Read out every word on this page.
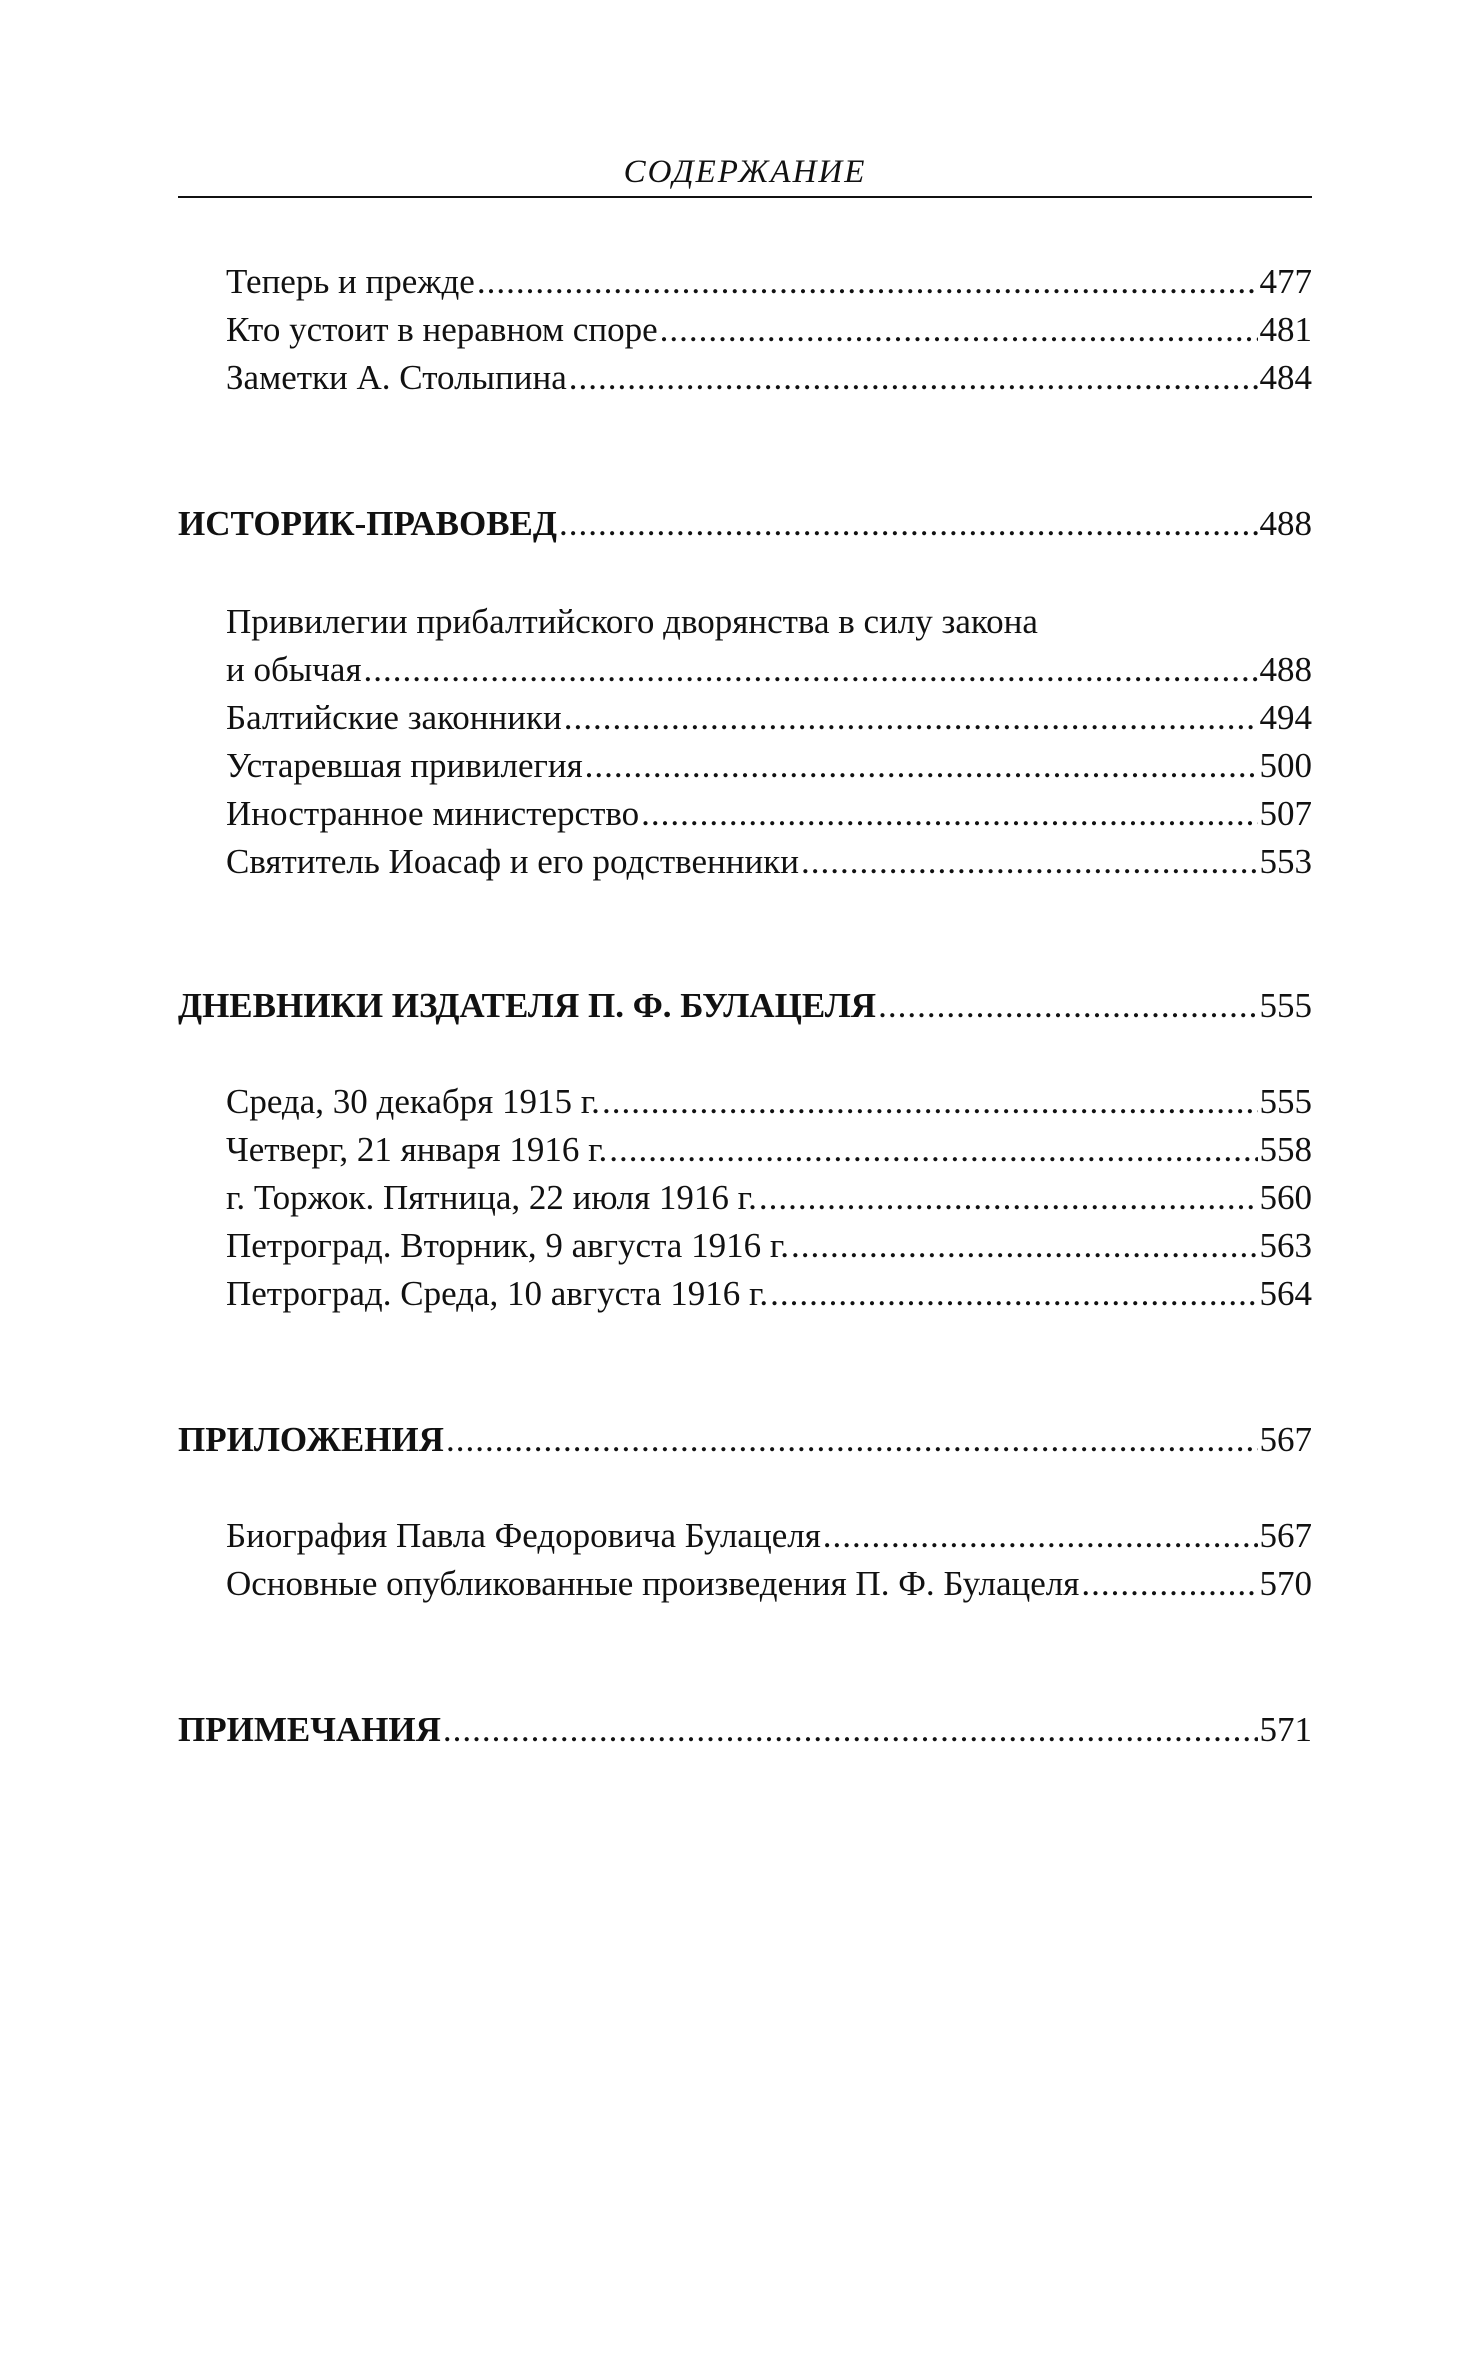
СОДЕРЖАНИЕ
Теперь и прежде .....	477
Кто устоит в неравном споре .....	481
Заметки А. Столыпина .....	484
ИСТОРИК-ПРАВОВЕД .....	488
Привилегии прибалтийского дворянства в силу закона
и обычая .....	488
Балтийские законники .....	494
Устаревшая привилегия .....	500
Иностранное министерство .....	507
Святитель Иоасаф и его родственники .....	553
ДНЕВНИКИ ИЗДАТЕЛЯ П. Ф. БУЛАЦЕЛЯ .....	555
Среда, 30 декабря 1915 г. .....	555
Четверг, 21 января 1916 г. .....	558
г. Торжок. Пятница, 22 июля 1916 г. .....	560
Петроград. Вторник, 9 августа 1916 г. .....	563
Петроград. Среда, 10 августа 1916 г. .....	564
ПРИЛОЖЕНИЯ .....	567
Биография Павла Федоровича Булацеля .....	567
Основные опубликованные произведения П. Ф. Булацеля .....	570
ПРИМЕЧАНИЯ .....	571
